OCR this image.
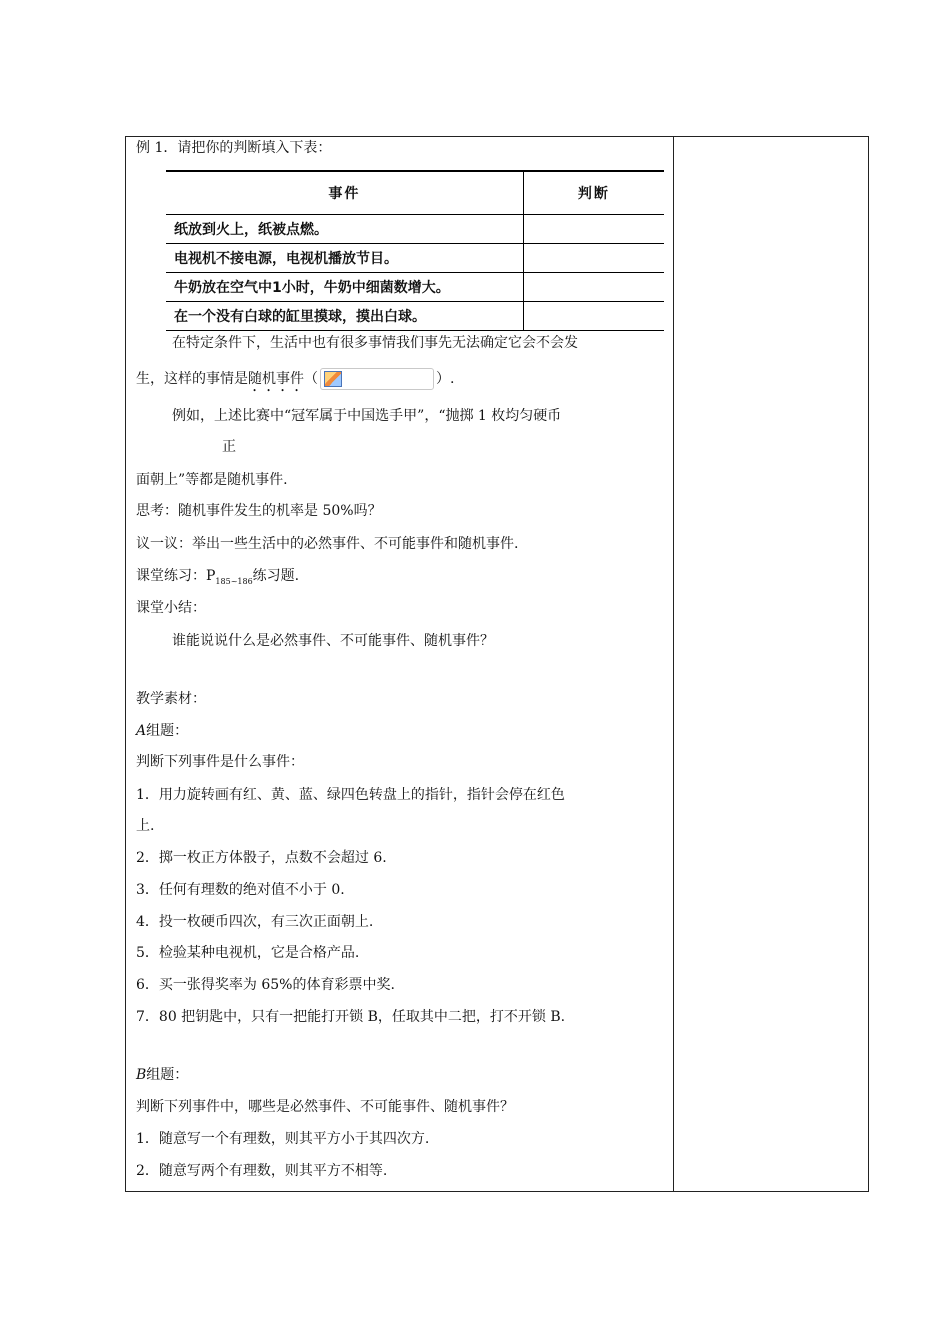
例 1．请把你的判断填入下表：
事件	判断
纸放到火上，纸被点燃。	
电视机不接电源，电视机播放节目。	
牛奶放在空气中1小时，牛奶中细菌数增大。	
在一个没有白球的缸里摸球，摸出白球。	
在特定条件下，生活中也有很多事情我们事先无法确定它会不会发
生，这样的事情是随机事件（	）.
例如，上述比赛中“冠军属于中国选手甲”，“抛掷 1 枚均匀硬币
正
面朝上”等都是随机事件.
思考：随机事件发生的机率是 50%吗？
议一议：举出一些生活中的必然事件、不可能事件和随机事件.
课堂练习：$P_{185\sim 186}$练习题.
课堂小结：
谁能说说什么是必然事件、不可能事件、随机事件？
教学素材：
A组题：
判断下列事件是什么事件：
1．用力旋转画有红、黄、蓝、绿四色转盘上的指针，指针会停在红色
上.
2．掷一枚正方体骰子，点数不会超过 6.
3．任何有理数的绝对值不小于 0.
4．投一枚硬币四次，有三次正面朝上.
5．检验某种电视机，它是合格产品.
6．买一张得奖率为 65%的体育彩票中奖.
7．80 把钥匙中，只有一把能打开锁 B，任取其中二把，打不开锁 B.
B组题：
判断下列事件中，哪些是必然事件、不可能事件、随机事件？
1．随意写一个有理数，则其平方小于其四次方.
2．随意写两个有理数，则其平方不相等.
